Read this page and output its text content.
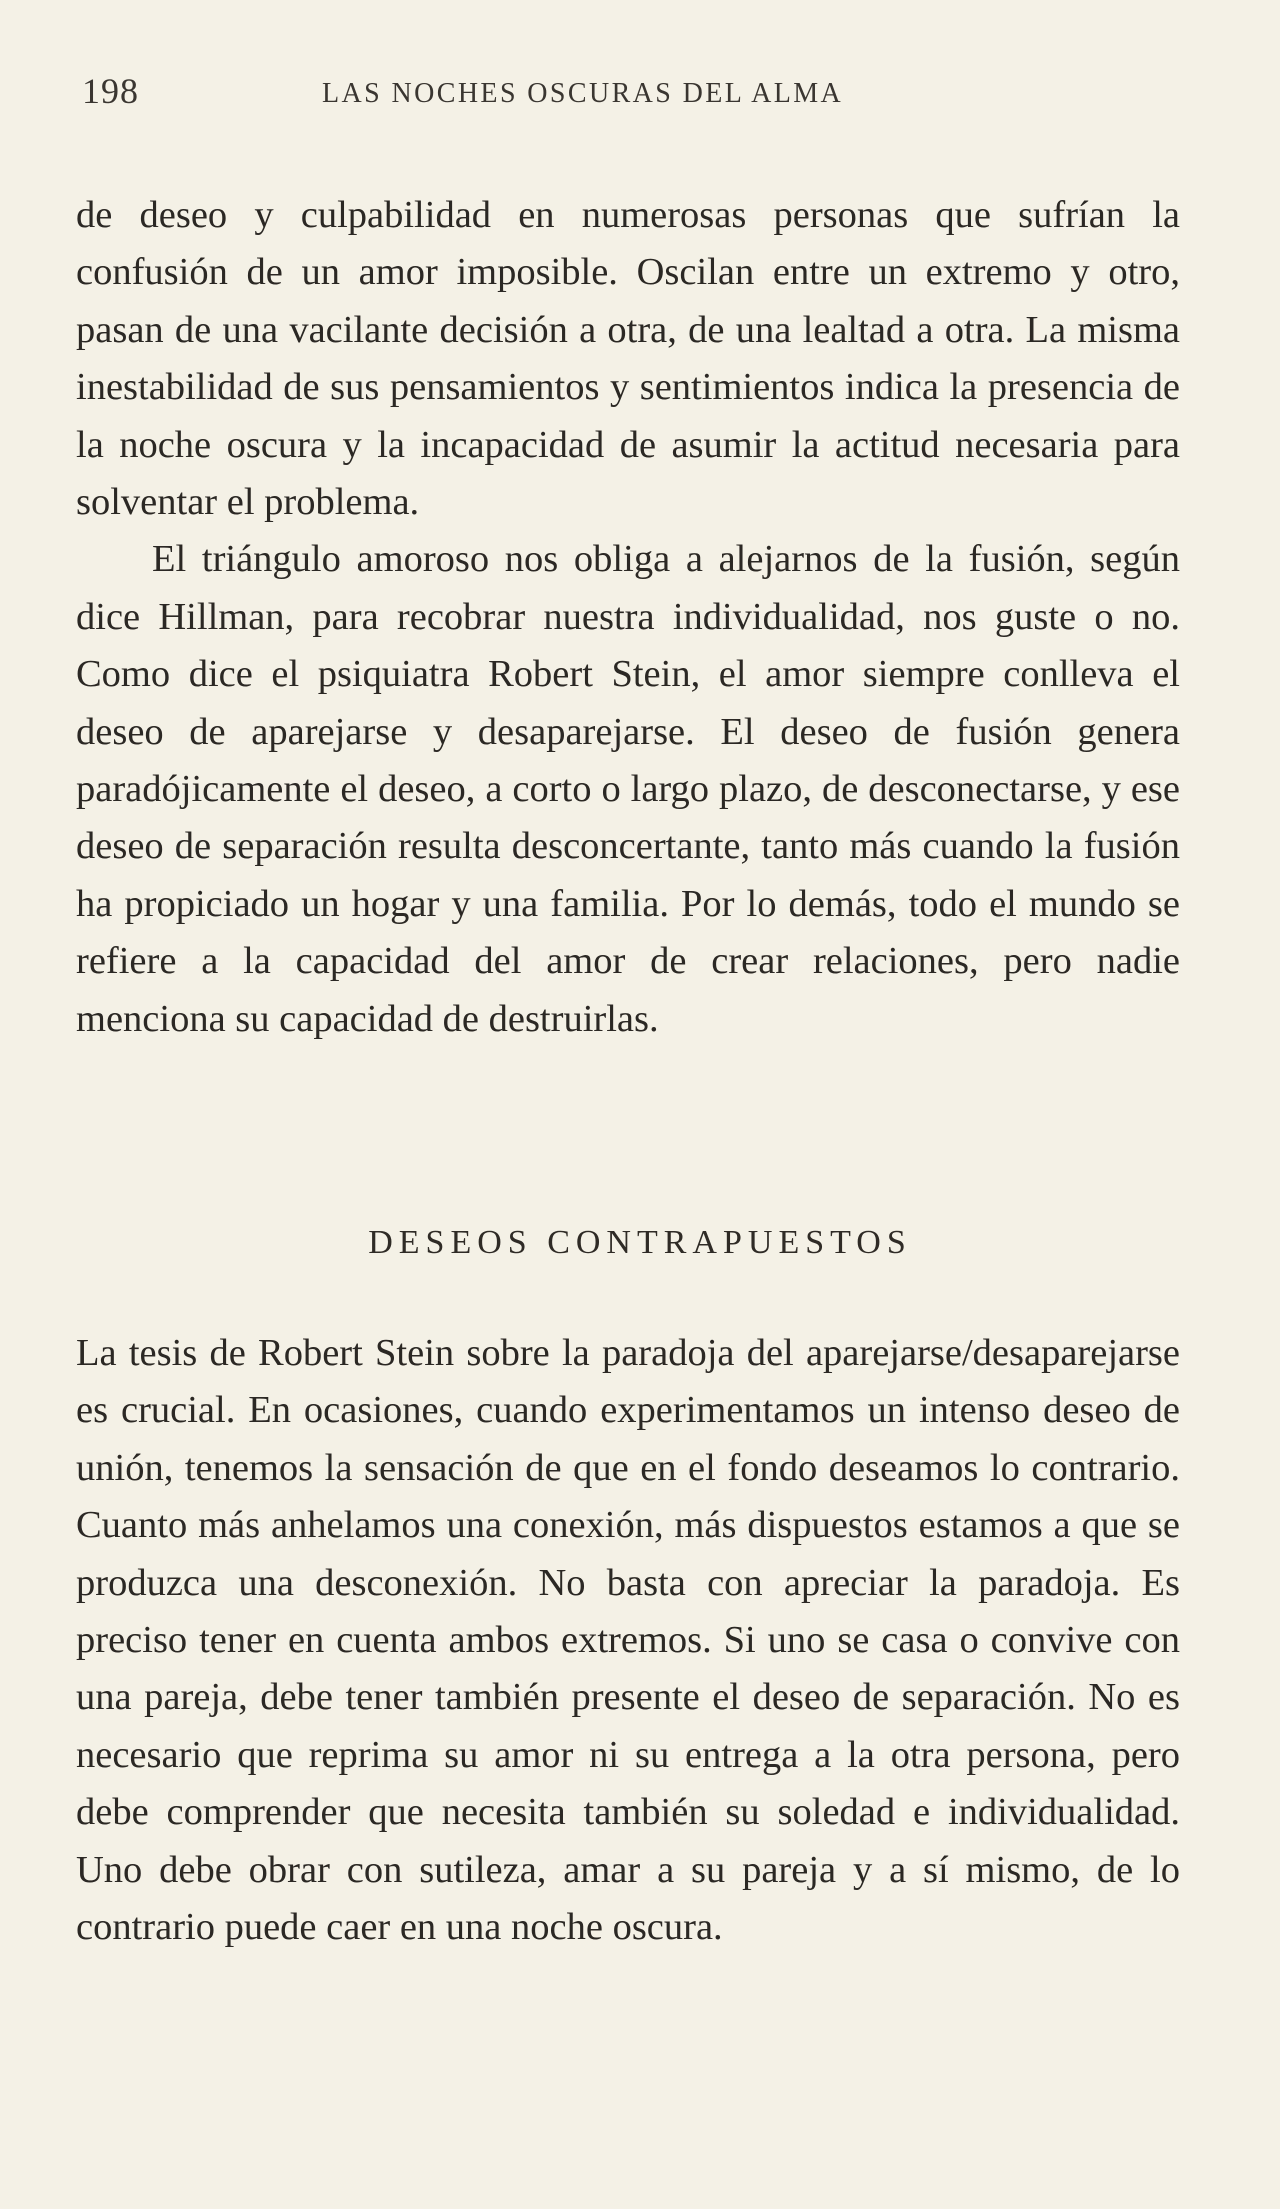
198	LAS NOCHES OSCURAS DEL ALMA

de deseo y culpabilidad en numerosas personas que sufrían la confusión de un amor imposible. Oscilan entre un extremo y otro, pasan de una vacilante decisión a otra, de una lealtad a otra. La misma inestabilidad de sus pensamientos y sentimientos indica la presencia de la noche oscura y la incapacidad de asumir la actitud necesaria para solventar el problema.

El triángulo amoroso nos obliga a alejarnos de la fusión, según dice Hillman, para recobrar nuestra individualidad, nos guste o no. Como dice el psiquiatra Robert Stein, el amor siempre conlleva el deseo de aparejarse y desaparejarse. El deseo de fusión genera paradójicamente el deseo, a corto o largo plazo, de desconectarse, y ese deseo de separación resulta desconcertante, tanto más cuando la fusión ha propiciado un hogar y una familia. Por lo demás, todo el mundo se refiere a la capacidad del amor de crear relaciones, pero nadie menciona su capacidad de destruirlas.

DESEOS CONTRAPUESTOS

La tesis de Robert Stein sobre la paradoja del aparejarse/desaparejarse es crucial. En ocasiones, cuando experimentamos un intenso deseo de unión, tenemos la sensación de que en el fondo deseamos lo contrario. Cuanto más anhelamos una conexión, más dispuestos estamos a que se produzca una desconexión. No basta con apreciar la paradoja. Es preciso tener en cuenta ambos extremos. Si uno se casa o convive con una pareja, debe tener también presente el deseo de separación. No es necesario que reprima su amor ni su entrega a la otra persona, pero debe comprender que necesita también su soledad e individualidad. Uno debe obrar con sutileza, amar a su pareja y a sí mismo, de lo contrario puede caer en una noche oscura.
